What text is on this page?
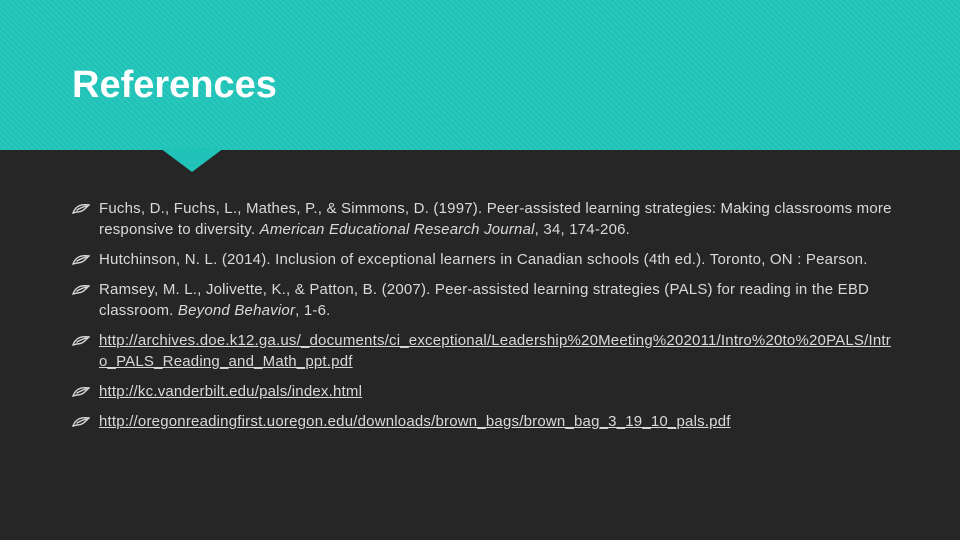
References
Fuchs, D., Fuchs, L., Mathes, P., & Simmons, D. (1997). Peer-assisted learning strategies: Making classrooms more responsive to diversity. American Educational Research Journal, 34, 174-206.
Hutchinson, N. L. (2014). Inclusion of exceptional learners in Canadian schools (4th ed.). Toronto, ON : Pearson.
Ramsey, M. L., Jolivette, K., & Patton, B. (2007). Peer-assisted learning strategies (PALS) for reading in the EBD classroom. Beyond Behavior, 1-6.
http://archives.doe.k12.ga.us/_documents/ci_exceptional/Leadership%20Meeting%202011/Intro%20to%20PALS/Intro_PALS_Reading_and_Math_ppt.pdf
http://kc.vanderbilt.edu/pals/index.html
http://oregonreadingfirst.uoregon.edu/downloads/brown_bags/brown_bag_3_19_10_pals.pdf
